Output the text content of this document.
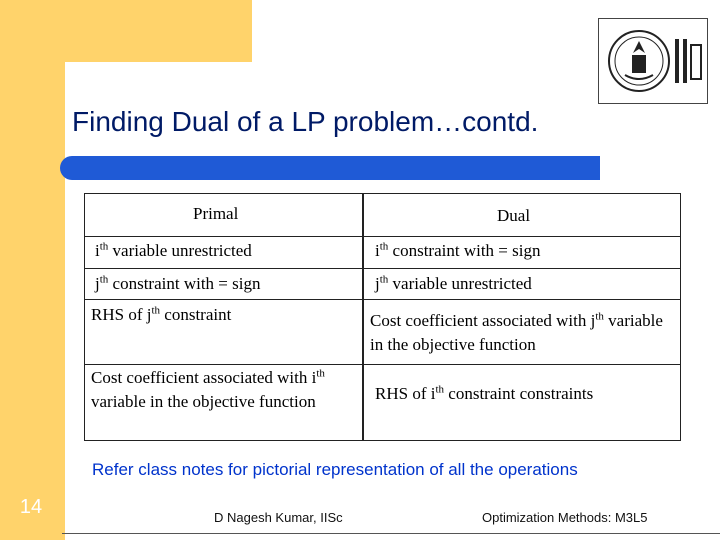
14
Finding Dual of a LP problem…contd.
Primal	Dual
$i^{th}$ variable unrestricted	$i^{th}$ constraint with = sign
$j^{th}$ constraint with = sign	$j^{th}$ variable unrestricted
RHS of $j^{th}$ constraint	Cost coefficient associated with $j^{th}$ variable in the objective function
Cost coefficient associated with $i^{th}$ variable in the objective function	RHS of $i^{th}$ constraint constraints
Refer class notes for pictorial representation of all the operations
D Nagesh Kumar, IISc	Optimization Methods: M3L5
